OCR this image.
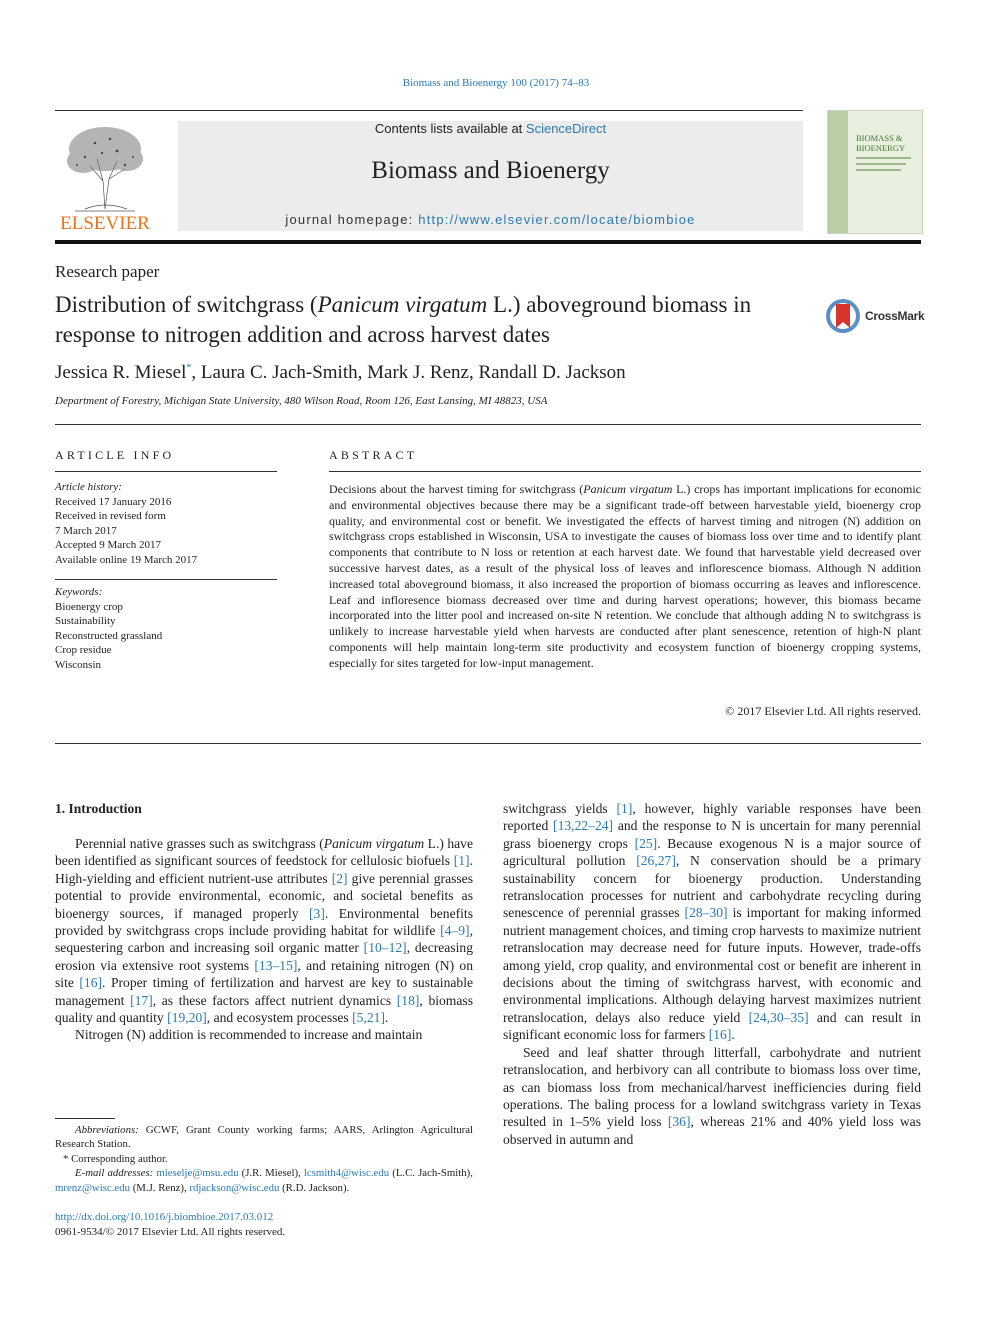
Biomass and Bioenergy 100 (2017) 74–83
ELSEVIER
Contents lists available at ScienceDirect
Biomass and Bioenergy
journal homepage: http://www.elsevier.com/locate/biombioe
BIOMASS &
BIOENERGY
Research paper
Distribution of switchgrass (Panicum virgatum L.) aboveground biomass in response to nitrogen addition and across harvest dates
CrossMark
Jessica R. Miesel*, Laura C. Jach-Smith, Mark J. Renz, Randall D. Jackson
Department of Forestry, Michigan State University, 480 Wilson Road, Room 126, East Lansing, MI 48823, USA
ARTICLE INFO
Article history:
Received 17 January 2016
Received in revised form
7 March 2017
Accepted 9 March 2017
Available online 19 March 2017
Keywords:
Bioenergy crop
Sustainability
Reconstructed grassland
Crop residue
Wisconsin
ABSTRACT
Decisions about the harvest timing for switchgrass (Panicum virgatum L.) crops has important implications for economic and environmental objectives because there may be a significant trade-off between harvestable yield, bioenergy crop quality, and environmental cost or benefit. We investigated the effects of harvest timing and nitrogen (N) addition on switchgrass crops established in Wisconsin, USA to investigate the causes of biomass loss over time and to identify plant components that contribute to N loss or retention at each harvest date. We found that harvestable yield decreased over successive harvest dates, as a result of the physical loss of leaves and inflorescence biomass. Although N addition increased total aboveground biomass, it also increased the proportion of biomass occurring as leaves and inflorescence. Leaf and infloresence biomass decreased over time and during harvest operations; however, this biomass became incorporated into the litter pool and increased on-site N retention. We conclude that although adding N to switchgrass is unlikely to increase harvestable yield when harvests are conducted after plant senescence, retention of high-N plant components will help maintain long-term site productivity and ecosystem function of bioenergy cropping systems, especially for sites targeted for low-input management.
© 2017 Elsevier Ltd. All rights reserved.
1. Introduction

Perennial native grasses such as switchgrass (Panicum virgatum L.) have been identified as significant sources of feedstock for cellulosic biofuels [1]. High-yielding and efficient nutrient-use attributes [2] give perennial grasses potential to provide environmental, economic, and societal benefits as bioenergy sources, if managed properly [3]. Environmental benefits provided by switchgrass crops include providing habitat for wildlife [4–9], sequestering carbon and increasing soil organic matter [10–12], decreasing erosion via extensive root systems [13–15], and retaining nitrogen (N) on site [16]. Proper timing of fertilization and harvest are key to sustainable management [17], as these factors affect nutrient dynamics [18], biomass quality and quantity [19,20], and ecosystem processes [5,21].

Nitrogen (N) addition is recommended to increase and maintain

switchgrass yields [1], however, highly variable responses have been reported [13,22–24] and the response to N is uncertain for many perennial grass bioenergy crops [25]. Because exogenous N is a major source of agricultural pollution [26,27], N conservation should be a primary sustainability concern for bioenergy production. Understanding retranslocation processes for nutrient and carbohydrate recycling during senescence of perennial grasses [28–30] is important for making informed nutrient management choices, and timing crop harvests to maximize nutrient retranslocation may decrease need for future inputs. However, trade-offs among yield, crop quality, and environmental cost or benefit are inherent in decisions about the timing of switchgrass harvest, with economic and environmental implications. Although delaying harvest maximizes nutrient retranslocation, delays also reduce yield [24,30–35] and can result in significant economic loss for farmers [16].

Seed and leaf shatter through litterfall, carbohydrate and nutrient retranslocation, and herbivory can all contribute to biomass loss over time, as can biomass loss from mechanical/harvest inefficiencies during field operations. The baling process for a lowland switchgrass variety in Texas resulted in 1–5% yield loss [36], whereas 21% and 40% yield loss was observed in autumn and

Abbreviations: GCWF, Grant County working farms; AARS, Arlington Agricultural Research Station.
* Corresponding author.
E-mail addresses: mieselje@msu.edu (J.R. Miesel), lcsmith4@wisc.edu (L.C. Jach-Smith), mrenz@wisc.edu (M.J. Renz), rdjackson@wisc.edu (R.D. Jackson).
http://dx.doi.org/10.1016/j.biombioe.2017.03.012
0961-9534/© 2017 Elsevier Ltd. All rights reserved.
